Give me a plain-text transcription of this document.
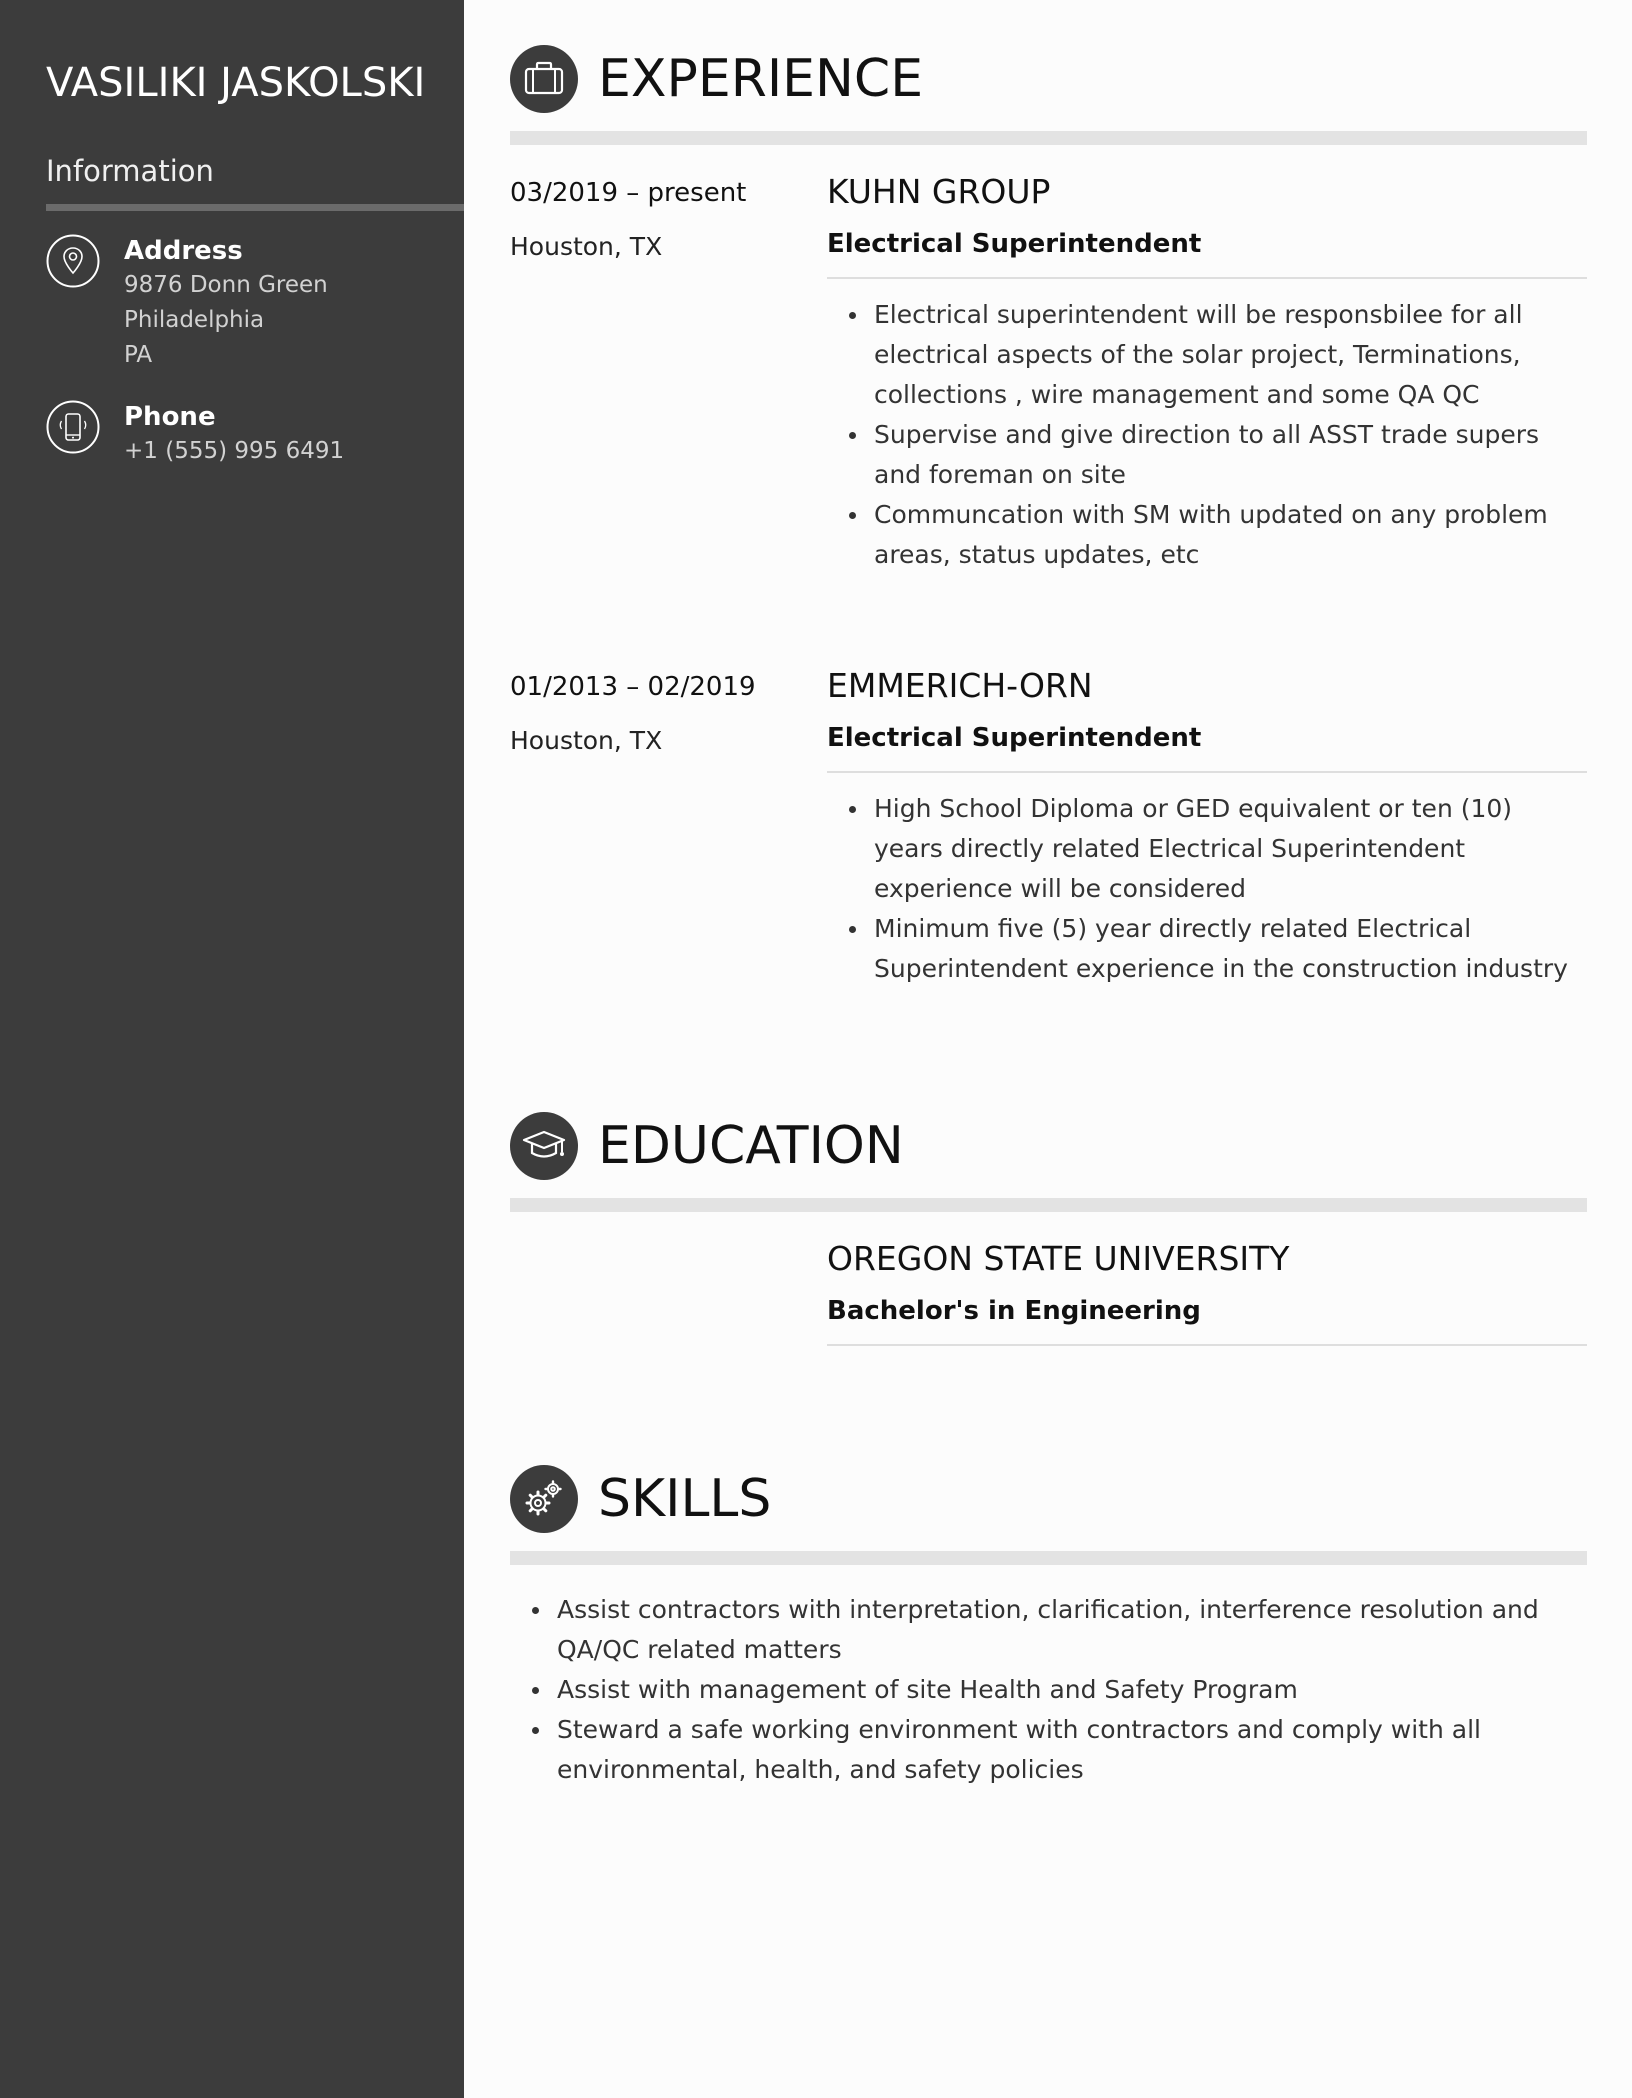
VASILIKI JASKOLSKI
Information
Address
9876 Donn Green
Philadelphia
PA
Phone
+1 (555) 995 6491
EXPERIENCE
03/2019 – present
Houston, TX
KUHN GROUP
Electrical Superintendent
Electrical superintendent will be responsbilee for all electrical aspects of the solar project, Terminations, collections , wire management and some QA QC
Supervise and give direction to all ASST trade supers and foreman on site
Communcation with SM with updated on any problem areas, status updates, etc
01/2013 – 02/2019
Houston, TX
EMMERICH-ORN
Electrical Superintendent
High School Diploma or GED equivalent or ten (10) years directly related Electrical Superintendent experience will be considered
Minimum five (5) year directly related Electrical Superintendent experience in the construction industry
EDUCATION
OREGON STATE UNIVERSITY
Bachelor's in Engineering
SKILLS
Assist contractors with interpretation, clarification, interference resolution and QA/QC related matters
Assist with management of site Health and Safety Program
Steward a safe working environment with contractors and comply with all environmental, health, and safety policies
